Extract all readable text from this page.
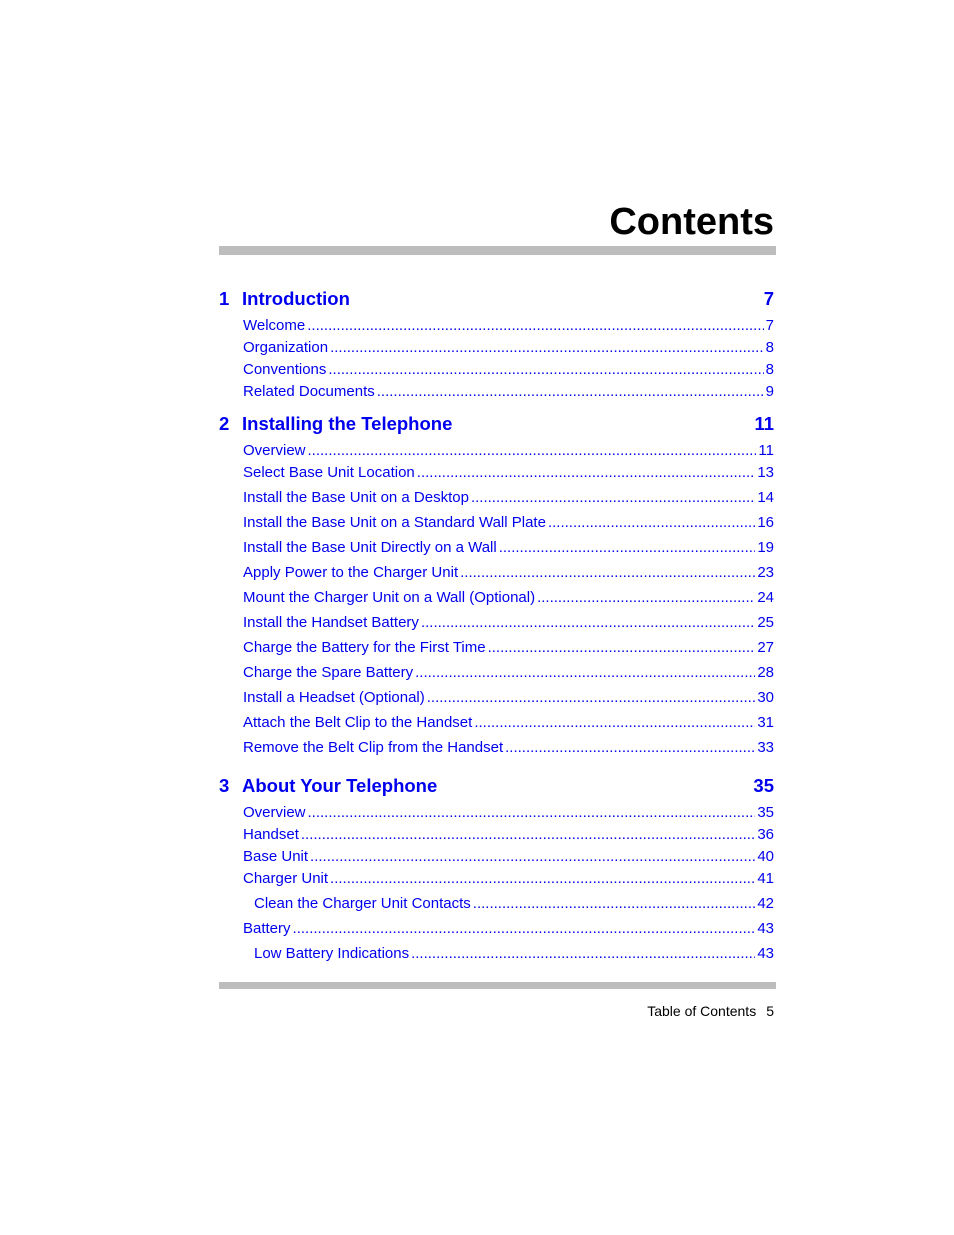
Contents
1 Introduction	7
Welcome .....	7
Organization .....	8
Conventions .....	8
Related Documents .....	9
2 Installing the Telephone	11
Overview .....	11
Select Base Unit Location .....	13
Install the Base Unit on a Desktop .....	14
Install the Base Unit on a Standard Wall Plate .....	16
Install the Base Unit Directly on a Wall .....	19
Apply Power to the Charger Unit .....	23
Mount the Charger Unit on a Wall (Optional) .....	24
Install the Handset Battery .....	25
Charge the Battery for the First Time .....	27
Charge the Spare Battery .....	28
Install a Headset (Optional) .....	30
Attach the Belt Clip to the Handset .....	31
Remove the Belt Clip from the Handset .....	33
3 About Your Telephone	35
Overview .....	35
Handset .....	36
Base Unit .....	40
Charger Unit .....	41
Clean the Charger Unit Contacts .....	42
Battery .....	43
Low Battery Indications .....	43
Table of Contents 5
